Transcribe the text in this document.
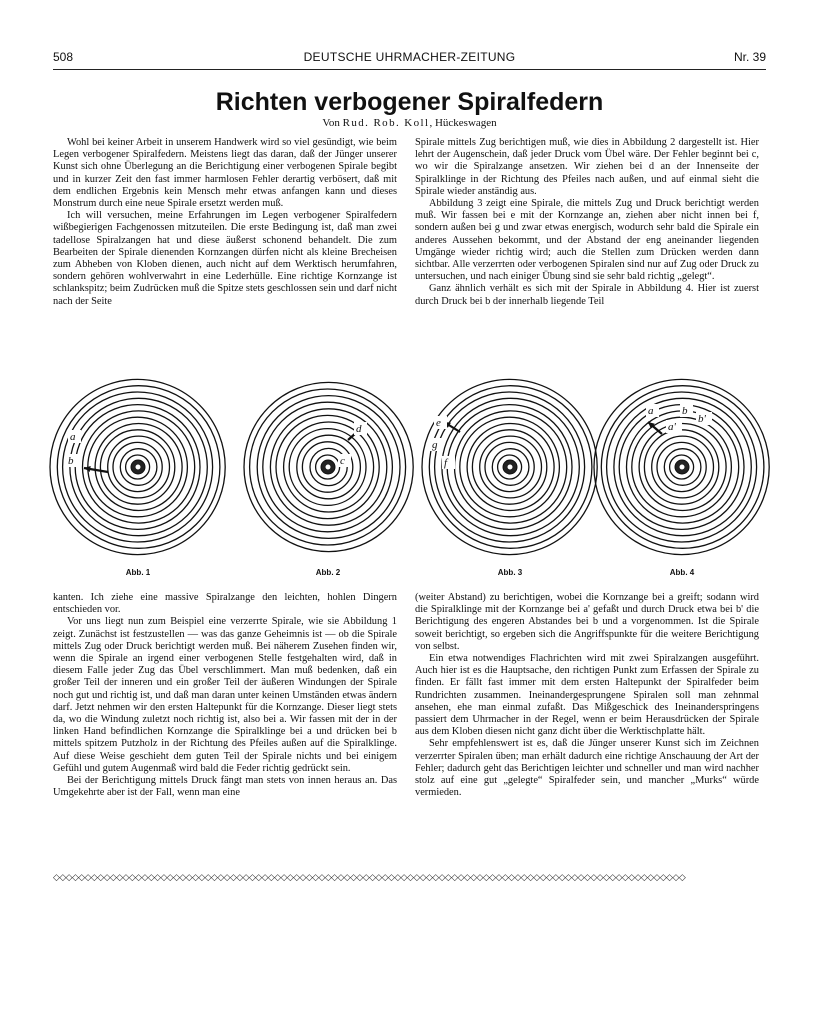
508	DEUTSCHE UHRMACHER-ZEITUNG	Nr. 39
Richten verbogener Spiralfedern
Von Rud. Rob. Koll, Hückeswagen

Wohl bei keiner Arbeit in unserem Handwerk wird so viel gesündigt, wie beim Legen verbogener Spiralfedern. Meistens liegt das daran, daß der Jünger unserer Kunst sich ohne Überlegung an die Berichtigung einer verbogenen Spirale begibt und in kurzer Zeit den fast immer harmlosen Fehler derartig verbösert, daß mit dem endlichen Ergebnis kein Mensch mehr etwas anfangen kann und dieses Monstrum durch eine neue Spirale ersetzt werden muß.

Ich will versuchen, meine Erfahrungen im Legen verbogener Spiralfedern wißbegierigen Fachgenossen mitzuteilen. Die erste Bedingung ist, daß man zwei tadellose Spiralzangen hat und diese äußerst schonend behandelt. Die zum Bearbeiten der Spirale dienenden Kornzangen dürfen nicht als kleine Brecheisen zum Abheben von Kloben dienen, auch nicht auf dem Werktisch herumfahren, sondern gehören wohlverwahrt in eine Lederhülle. Eine richtige Kornzange ist schlankspitz; beim Zudrücken muß die Spitze stets geschlossen sein und darf nicht nach der Seite

Spirale mittels Zug berichtigen muß, wie dies in Abbildung 2 dargestellt ist. Hier lehrt der Augenschein, daß jeder Druck vom Übel wäre. Der Fehler beginnt bei c, wo wir die Spiralzange ansetzen. Wir ziehen bei d an der Innenseite der Spiralklinge in der Richtung des Pfeiles nach außen, und auf einmal sieht die Spirale wieder anständig aus.

Abbildung 3 zeigt eine Spirale, die mittels Zug und Druck berichtigt werden muß. Wir fassen bei e mit der Kornzange an, ziehen aber nicht innen bei f, sondern außen bei g und zwar etwas energisch, wodurch sehr bald die Spirale ein anderes Aussehen bekommt, und der Abstand der eng aneinander liegenden Umgänge wieder richtig wird; auch die Stellen zum Drücken werden dann sichtbar. Alle verzerrten oder verbogenen Spiralen sind nur auf Zug oder Druck zu untersuchen, und nach einiger Übung sind sie sehr bald richtig „gelegt“.

Ganz ähnlich verhält es sich mit der Spirale in Abbildung 4. Hier ist zuerst durch Druck bei b der innerhalb liegende Teil

a
b
Abb. 1
d
c
Abb. 2
e
g
f
Abb. 3
a	b
a'
b'
Abb. 4

kanten. Ich ziehe eine massive Spiralzange den leichten, hohlen Dingern entschieden vor.

Vor uns liegt nun zum Beispiel eine verzerrte Spirale, wie sie Abbildung 1 zeigt. Zunächst ist festzustellen — was das ganze Geheimnis ist — ob die Spirale mittels Zug oder Druck berichtigt werden muß. Bei näherem Zusehen finden wir, wenn die Spirale an irgend einer verbogenen Stelle festgehalten wird, daß in diesem Falle jeder Zug das Übel verschlimmert. Man muß bedenken, daß ein großer Teil der inneren und ein großer Teil der äußeren Windungen der Spirale noch gut und richtig ist, und daß man daran unter keinen Umständen etwas ändern darf. Jetzt nehmen wir den ersten Haltepunkt für die Kornzange. Dieser liegt stets da, wo die Windung zuletzt noch richtig ist, also bei a. Wir fassen mit der in der linken Hand befindlichen Kornzange die Spiralklinge bei a und drücken bei b mittels spitzem Putzholz in der Richtung des Pfeiles außen auf die Spiralklinge. Auf diese Weise geschieht dem guten Teil der Spirale nichts und bei einigem Gefühl und gutem Augenmaß wird bald die Feder richtig gedrückt sein.

Bei der Berichtigung mittels Druck fängt man stets von innen heraus an. Das Umgekehrte aber ist der Fall, wenn man eine

(weiter Abstand) zu berichtigen, wobei die Kornzange bei a greift; sodann wird die Spiralklinge mit der Kornzange bei a' gefaßt und durch Druck etwa bei b' die Berichtigung des engeren Abstandes bei b und a vorgenommen. Ist die Spirale soweit berichtigt, so ergeben sich die Angriffspunkte für die weitere Berichtigung von selbst.

Ein etwa notwendiges Flachrichten wird mit zwei Spiralzangen ausgeführt. Auch hier ist es die Hauptsache, den richtigen Punkt zum Erfassen der Spirale zu finden. Er fällt fast immer mit dem ersten Haltepunkt der Spiralfeder beim Rundrichten zusammen. Ineinandergesprungene Spiralen soll man zehnmal ansehen, ehe man einmal zufaßt. Das Mißgeschick des Ineinanderspringens passiert dem Uhrmacher in der Regel, wenn er beim Herausdrücken der Spirale aus dem Kloben diesen nicht ganz dicht über die Werktischplatte hält.

Sehr empfehlenswert ist es, daß die Jünger unserer Kunst sich im Zeichnen verzerrter Spiralen üben; man erhält dadurch eine richtige Anschauung der Art der Fehler; dadurch geht das Berichtigen leichter und schneller und man wird nachher stolz auf eine gut „gelegte“ Spiralfeder sein, und mancher „Murks“ würde vermieden.

◇◇◇◇◇◇◇◇◇◇◇◇◇◇◇◇◇◇◇◇◇◇◇◇◇◇◇◇◇◇◇◇◇◇◇◇◇◇◇◇◇◇◇◇◇◇◇◇◇◇◇◇◇◇◇◇◇◇◇◇◇◇◇◇◇◇◇◇◇◇◇◇◇◇◇◇◇◇◇◇◇◇◇◇◇◇◇◇◇◇◇◇◇◇◇◇◇◇◇◇
